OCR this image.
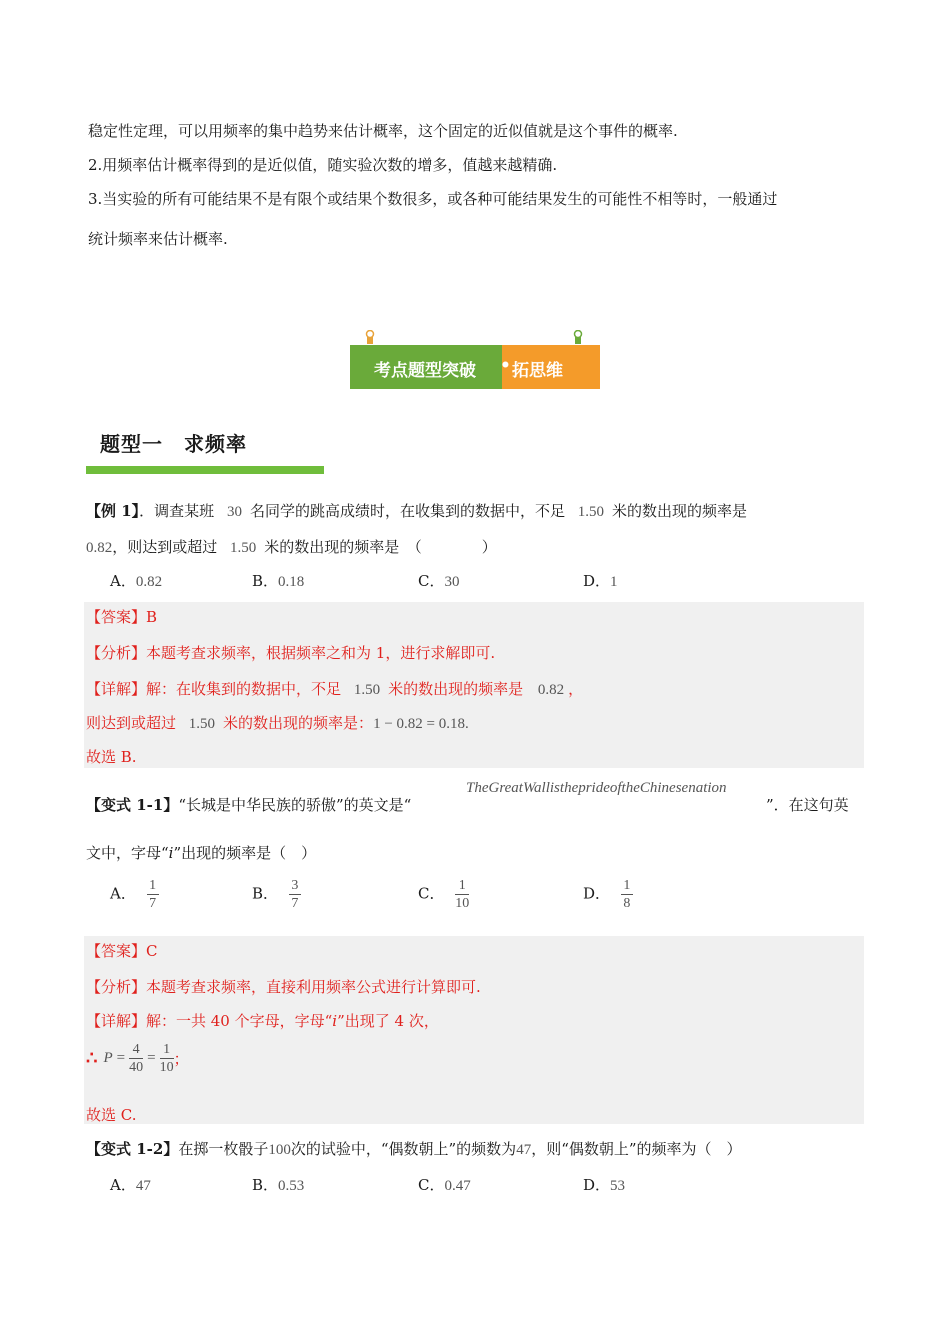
稳定性定理，可以用频率的集中趋势来估计概率，这个固定的近似值就是这个事件的概率.
2.用频率估计概率得到的是近似值，随实验次数的增多，值越来越精确.
3.当实验的所有可能结果不是有限个或结果个数很多，或各种可能结果发生的可能性不相等时，一般通过
统计频率来估计概率.
考点题型突破 • 拓思维
题型一　求频率
【例 1】．调查某班 30 名同学的跳高成绩时，在收集到的数据中，不足 1.50 米的数出现的频率是
0.82，则达到或超过 1.50 米的数出现的频率是　（　　　　）
A．0.82	B．0.18	C．30	D．1
【答案】B
【分析】本题考查求频率，根据频率之和为 1，进行求解即可.
【详解】解：在收集到的数据中，不足 1.50 米的数出现的频率是 0.82 ，
则达到或超过 1.50 米的数出现的频率是：1 − 0.82 = 0.18.
故选 B.
TheGreatWallistheprideoftheChinesenation
【变式 1-1】“长城是中华民族的骄傲”的英文是“	”．在这句英
文中，字母“i”出现的频率是（　）
A． $\frac{1}{7}$	B． $\frac{3}{7}$	C． $\frac{1}{10}$	D． $\frac{1}{8}$
【答案】C
【分析】本题考查求频率，直接利用频率公式进行计算即可.
【详解】解：一共 40 个字母，字母“i”出现了 4 次，
∴ $P = \frac{4}{40} = \frac{1}{10}$ ；
故选 C.
【变式 1-2】在掷一枚骰子100次的试验中，“偶数朝上”的频数为47，则“偶数朝上”的频率为（　）
A．47	B．0.53	C．0.47	D．53
